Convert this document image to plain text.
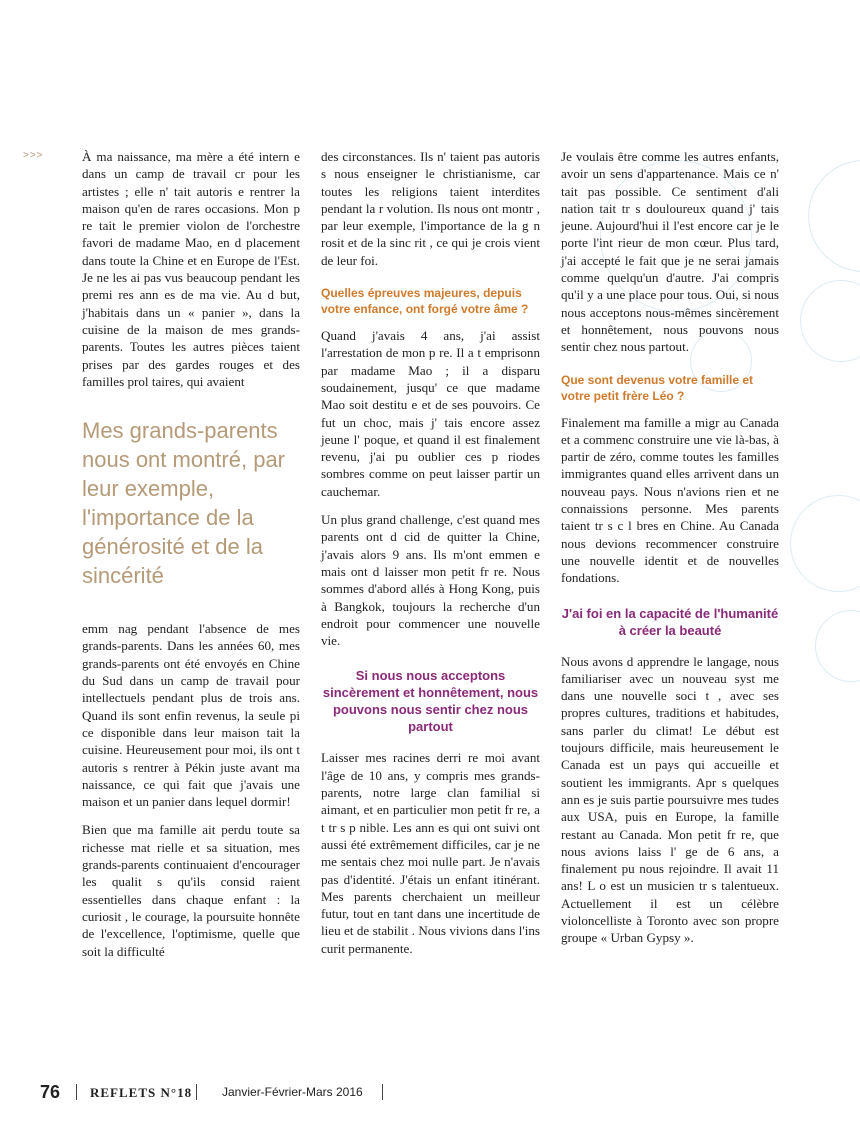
>>>	À ma naissance, ma mère a été intern e dans un camp de travail cr pour les artistes ; elle n' tait autoris e rentrer la maison qu'en de rares occasions. Mon p re tait le premier violon de l'orchestre favori de madame Mao, en d placement dans toute la Chine et en Europe de l'Est. Je ne les ai pas vus beaucoup pendant les premi res ann es de ma vie. Au d but, j'habitais dans un « panier », dans la cuisine de la maison de mes grands-parents. Toutes les autres pièces taient prises par des gardes rouges et des familles prol taires, qui avaient

Mes grands-parents nous ont montré, par leur exemple, l'importance de la générosité et de la sincérité

emm nag pendant l'absence de mes grands-parents. Dans les années 60, mes grands-parents ont été envoyés en Chine du Sud dans un camp de travail pour intellectuels pendant plus de trois ans. Quand ils sont enfin revenus, la seule pi ce disponible dans leur maison tait la cuisine. Heureusement pour moi, ils ont t autoris s rentrer à Pékin juste avant ma naissance, ce qui fait que j'avais une maison et un panier dans lequel dormir!

Bien que ma famille ait perdu toute sa richesse mat rielle et sa situation, mes grands-parents continuaient d'encourager les qualit s qu'ils consid raient essentielles dans chaque enfant : la curiosit , le courage, la poursuite honnête de l'excellence, l'optimisme, quelle que soit la difficulté

des circonstances. Ils n' taient pas autoris s nous enseigner le christianisme, car toutes les religions taient interdites pendant la r volution. Ils nous ont montr , par leur exemple, l'importance de la g n rosit et de la sinc rit , ce qui je crois vient de leur foi.

Quelles épreuves majeures, depuis votre enfance, ont forgé votre âme ?

Quand j'avais 4 ans, j'ai assist l'arrestation de mon p re. Il a t emprisonn par madame Mao ; il a disparu soudainement, jusqu' ce que madame Mao soit destitu e et de ses pouvoirs. Ce fut un choc, mais j' tais encore assez jeune l' poque, et quand il est finalement revenu, j'ai pu oublier ces p riodes sombres comme on peut laisser partir un cauchemar.

Un plus grand challenge, c'est quand mes parents ont d cid de quitter la Chine, j'avais alors 9 ans. Ils m'ont emmen e mais ont d laisser mon petit fr re. Nous sommes d'abord allés à Hong Kong, puis à Bangkok, toujours la recherche d'un endroit pour commencer une nouvelle vie.

Si nous nous acceptons sincèrement et honnêtement, nous pouvons nous sentir chez nous partout

Laisser mes racines derri re moi avant l'âge de 10 ans, y compris mes grands-parents, notre large clan familial si aimant, et en particulier mon petit fr re, a t tr s p nible. Les ann es qui ont suivi ont aussi été extrêmement difficiles, car je ne me sentais chez moi nulle part. Je n'avais pas d'identité. J'étais un enfant itinérant. Mes parents cherchaient un meilleur futur, tout en tant dans une incertitude de lieu et de stabilit . Nous vivions dans l'ins curit permanente.

Je voulais être comme les autres enfants, avoir un sens d'appartenance. Mais ce n' tait pas possible. Ce sentiment d'ali nation tait tr s douloureux quand j' tais jeune. Aujourd'hui il l'est encore car je le porte l'int rieur de mon cœur. Plus tard, j'ai accepté le fait que je ne serai jamais comme quelqu'un d'autre. J'ai compris qu'il y a une place pour tous. Oui, si nous nous acceptons nous-mêmes sincèrement et honnêtement, nous pouvons nous sentir chez nous partout.

Que sont devenus votre famille et votre petit frère Léo ?

Finalement ma famille a migr au Canada et a commenc construire une vie là-bas, à partir de zéro, comme toutes les familles immigrantes quand elles arrivent dans un nouveau pays. Nous n'avions rien et ne connaissions personne. Mes parents taient tr s c l bres en Chine. Au Canada nous devions recommencer construire une nouvelle identit et de nouvelles fondations.

J'ai foi en la capacité de l'humanité à créer la beauté

Nous avons d apprendre le langage, nous familiariser avec un nouveau syst me dans une nouvelle soci t , avec ses propres cultures, traditions et habitudes, sans parler du climat! Le début est toujours difficile, mais heureusement le Canada est un pays qui accueille et soutient les immigrants. Apr s quelques ann es je suis partie poursuivre mes tudes aux USA, puis en Europe, la famille restant au Canada. Mon petit fr re, que nous avions laiss l' ge de 6 ans, a finalement pu nous rejoindre. Il avait 11 ans! L o est un musicien tr s talentueux. Actuellement il est un célèbre violoncelliste à Toronto avec son propre groupe « Urban Gypsy ».

76 REFLETS N°18 Janvier-Février-Mars 2016
